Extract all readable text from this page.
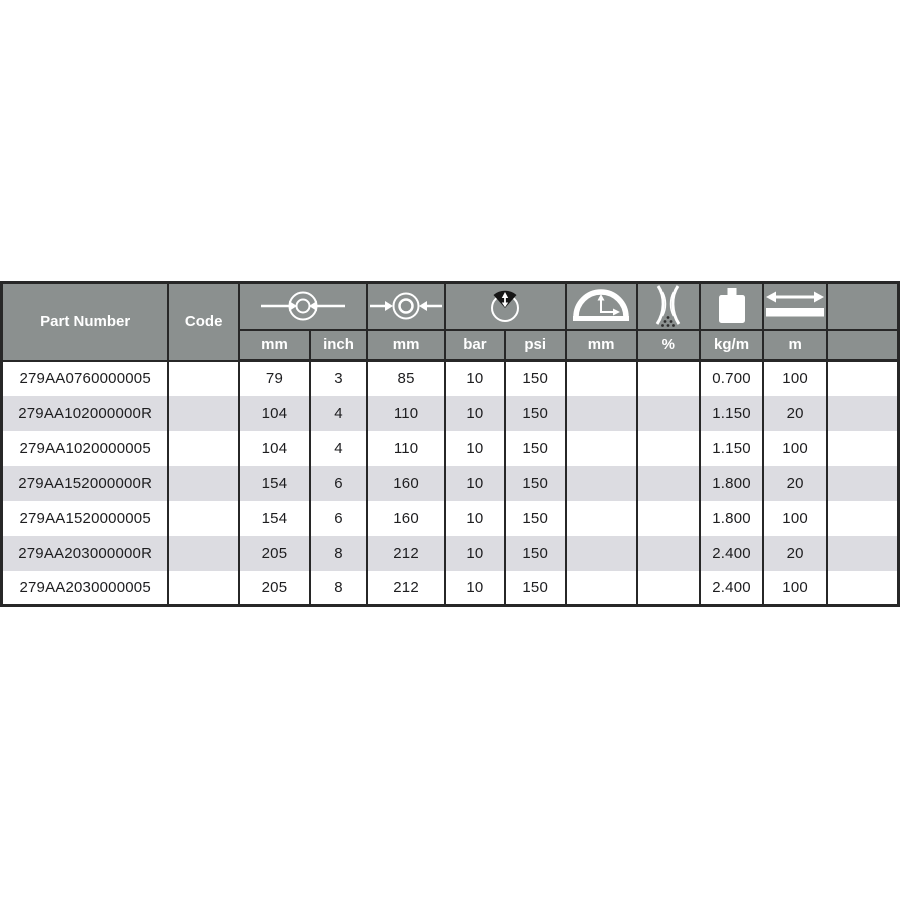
Part Number	Code	

		mm	inch	mm	bar	psi	mm	%	kg/m	m	
279AA0760000005		79	3	85	10	150			0.700	100	
279AA102000000R		104	4	110	10	150			1.150	20	
279AA1020000005		104	4	110	10	150			1.150	100	
279AA152000000R		154	6	160	10	150			1.800	20	
279AA1520000005		154	6	160	10	150			1.800	100	
279AA203000000R		205	8	212	10	150			2.400	20	
279AA2030000005		205	8	212	10	150			2.400	100	
